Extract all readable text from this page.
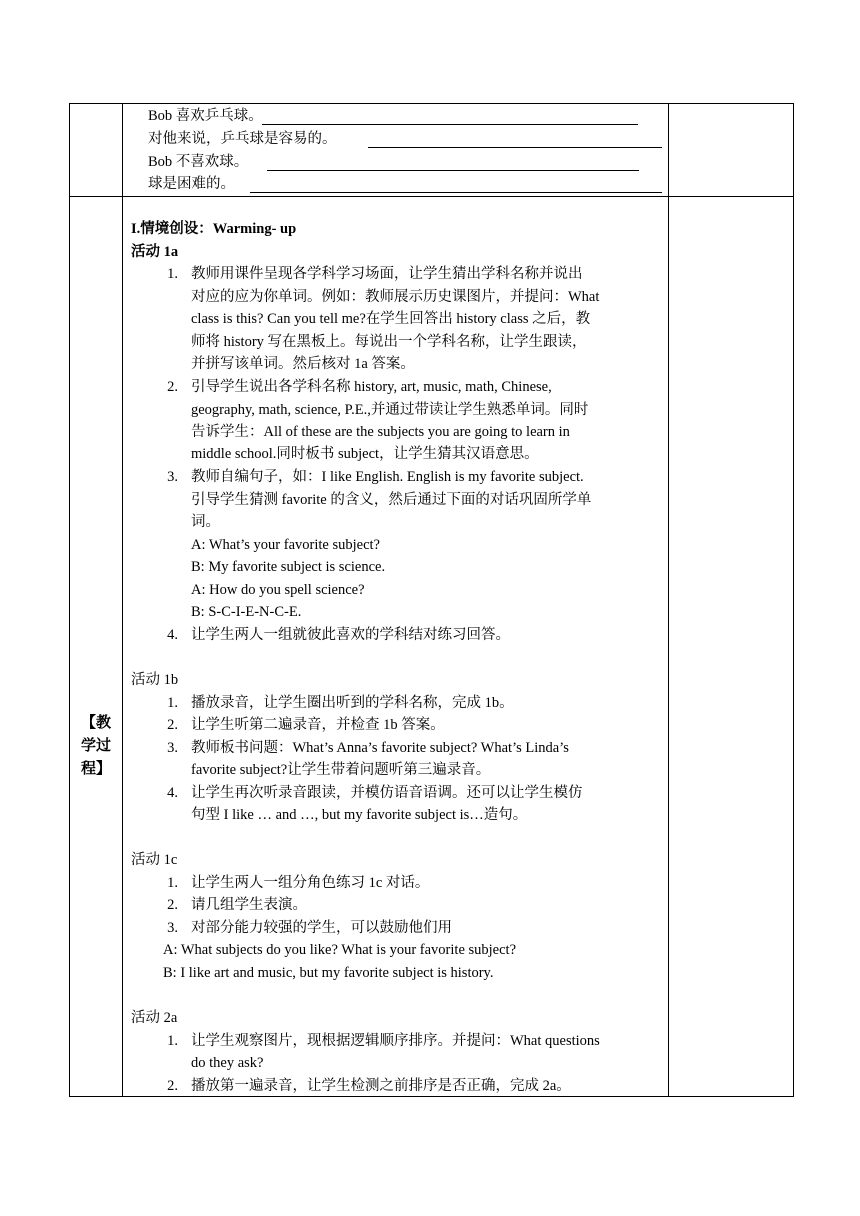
Bob 喜欢乒乓球。
对他来说，乒乓球是容易的。
Bob 不喜欢球。
球是困难的。
【教
学过
程】
I.情境创设：Warming- up
活动 1a
1. 教师用课件呈现各学科学习场面，让学生猜出学科名称并说出
对应的应为你单词。例如：教师展示历史课图片，并提问：What
class is this? Can you tell me?在学生回答出 history class 之后，教
师将 history 写在黑板上。每说出一个学科名称，让学生跟读，
并拼写该单词。然后核对 1a 答案。
2. 引导学生说出各学科名称 history, art, music, math, Chinese,
geography, math, science, P.E.,并通过带读让学生熟悉单词。同时
告诉学生：All of these are the subjects you are going to learn in
middle school.同时板书 subject，让学生猜其汉语意思。
3. 教师自编句子，如：I like English. English is my favorite subject.
引导学生猜测 favorite 的含义，然后通过下面的对话巩固所学单
词。
A: What’s your favorite subject?
B: My favorite subject is science.
A: How do you spell science?
B: S-C-I-E-N-C-E.
4. 让学生两人一组就彼此喜欢的学科结对练习回答。
活动 1b
1. 播放录音，让学生圈出听到的学科名称，完成 1b。
2. 让学生听第二遍录音，并检查 1b 答案。
3. 教师板书问题：What’s Anna’s favorite subject? What’s Linda’s
favorite subject?让学生带着问题听第三遍录音。
4. 让学生再次听录音跟读，并模仿语音语调。还可以让学生模仿
句型 I like … and …, but my favorite subject is…造句。
活动 1c
1. 让学生两人一组分角色练习 1c 对话。
2. 请几组学生表演。
3. 对部分能力较强的学生，可以鼓励他们用
A: What subjects do you like? What is your favorite subject?
B: I like art and music, but my favorite subject is history.
活动 2a
1. 让学生观察图片，现根据逻辑顺序排序。并提问：What questions
do they ask?
2. 播放第一遍录音，让学生检测之前排序是否正确，完成 2a。
